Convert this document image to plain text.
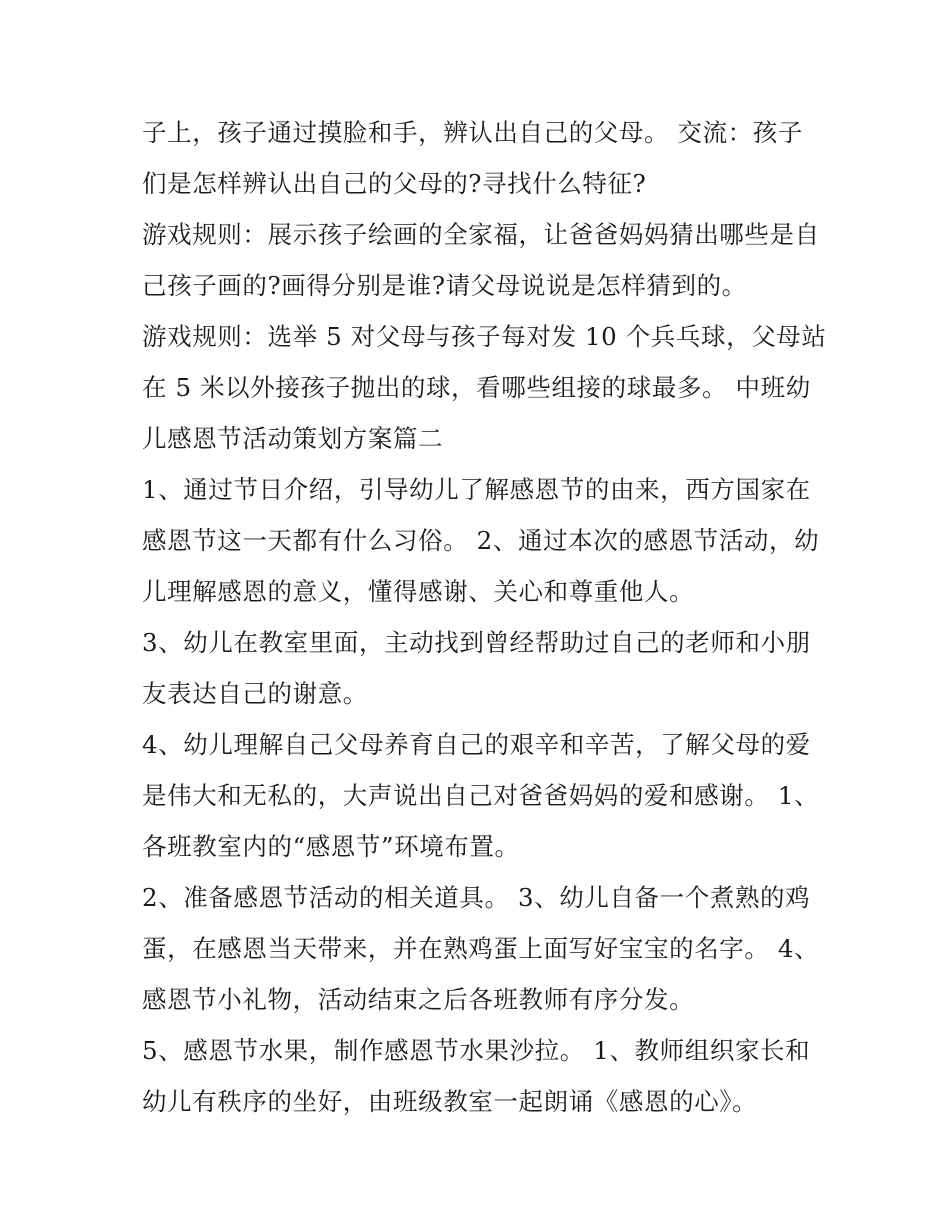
子上，孩子通过摸脸和手，辨认出自己的父母。 交流：孩子
们是怎样辨认出自己的父母的?寻找什么特征?
游戏规则：展示孩子绘画的全家福，让爸爸妈妈猜出哪些是自
己孩子画的?画得分别是谁?请父母说说是怎样猜到的。
游戏规则：选举 5 对父母与孩子每对发 10 个兵乓球，父母站
在 5 米以外接孩子抛出的球，看哪些组接的球最多。 中班幼
儿感恩节活动策划方案篇二
1、通过节日介绍，引导幼儿了解感恩节的由来，西方国家在
感恩节这一天都有什么习俗。 2、通过本次的感恩节活动，幼
儿理解感恩的意义，懂得感谢、关心和尊重他人。
3、幼儿在教室里面，主动找到曾经帮助过自己的老师和小朋
友表达自己的谢意。
4、幼儿理解自己父母养育自己的艰辛和辛苦，了解父母的爱
是伟大和无私的，大声说出自己对爸爸妈妈的爱和感谢。 1、
各班教室内的“感恩节”环境布置。
2、准备感恩节活动的相关道具。 3、幼儿自备一个煮熟的鸡
蛋，在感恩当天带来，并在熟鸡蛋上面写好宝宝的名字。 4、
感恩节小礼物，活动结束之后各班教师有序分发。
5、感恩节水果，制作感恩节水果沙拉。 1、教师组织家长和
幼儿有秩序的坐好，由班级教室一起朗诵《感恩的心》。
